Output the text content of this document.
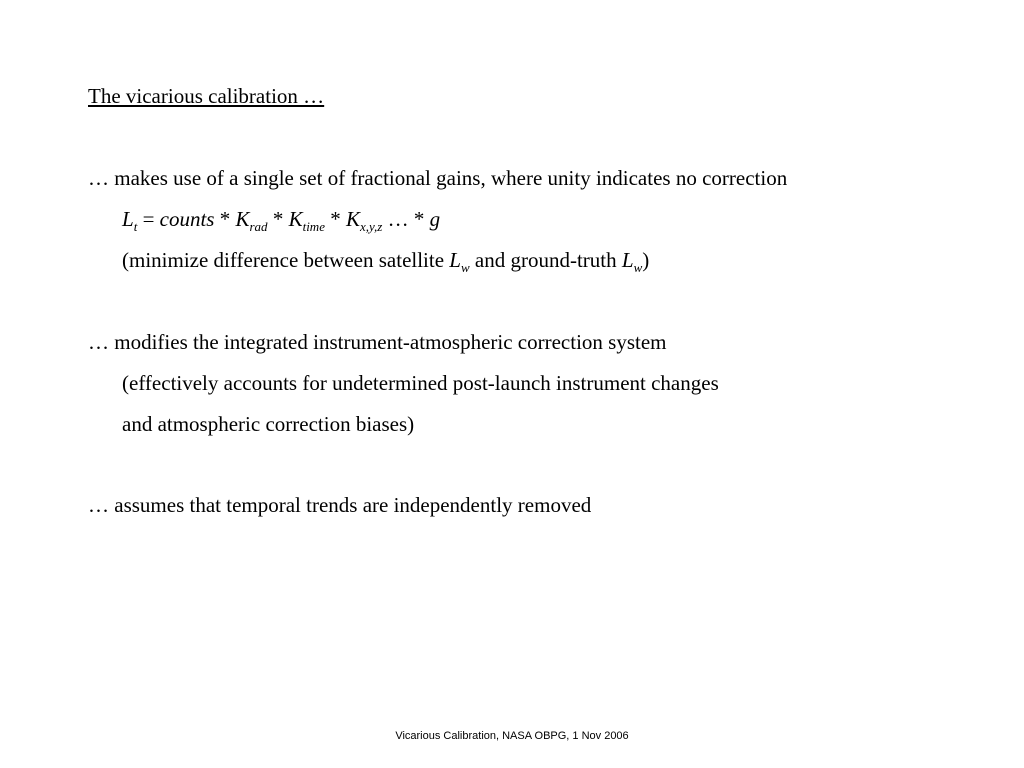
The vicarious calibration …
… makes use of a single set of fractional gains, where unity indicates no correction
$L_t$ = counts * $K_{rad} * K_{time} * K_{x,y,z}$ … * g
(minimize difference between satellite $L_w$ and ground-truth $L_w$)
… modifies the integrated instrument-atmospheric correction system
(effectively accounts for undetermined post-launch instrument changes
and atmospheric correction biases)
… assumes that temporal trends are independently removed
Vicarious Calibration, NASA OBPG, 1 Nov 2006
